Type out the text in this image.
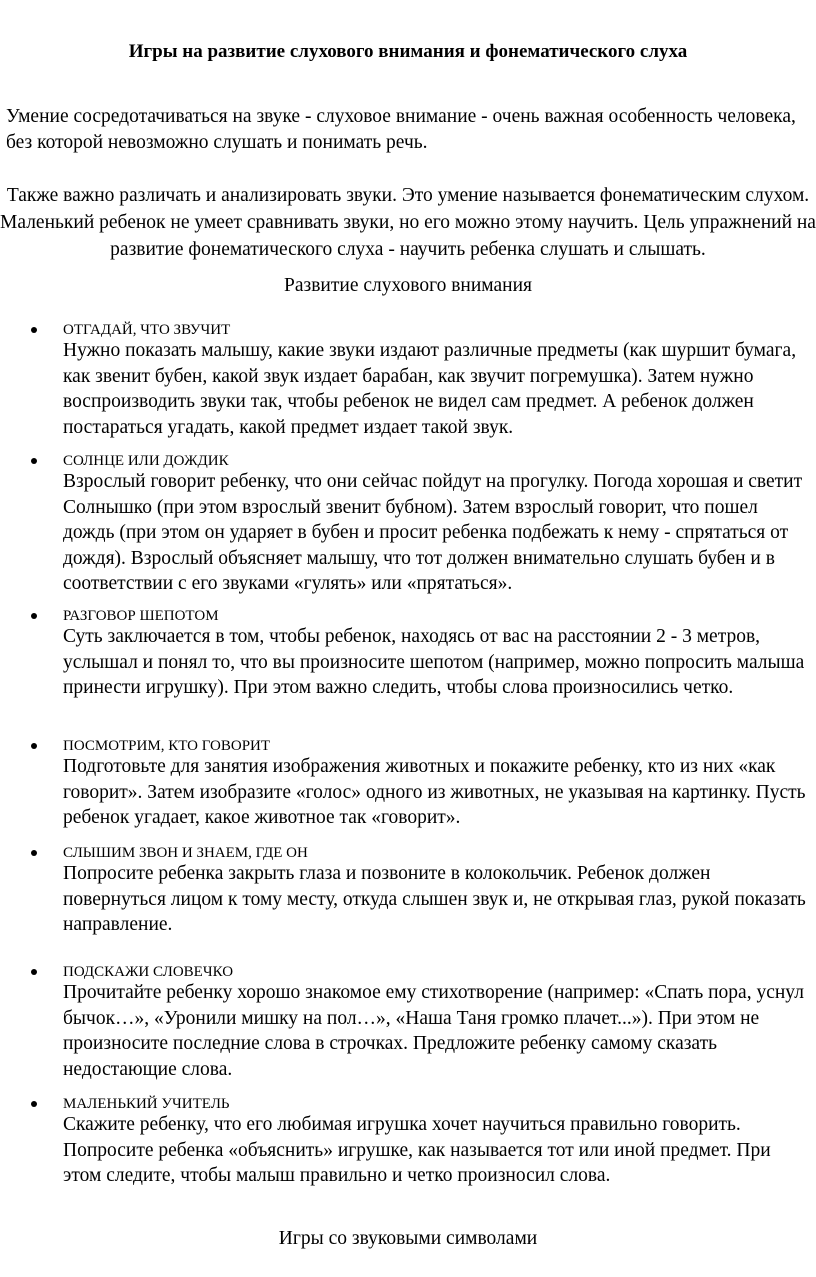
Игры на развитие слухового внимания и фонематического слуха
Умение сосредотачиваться на звуке - слуховое внимание - очень важная особенность человека, без которой невозможно слушать и понимать речь.
Также важно различать и анализировать звуки. Это умение называется фонематическим слухом. Маленький ребенок не умеет сравнивать звуки, но его можно этому научить. Цель упражнений на развитие фонематического слуха - научить ребенка слушать и слышать.
Развитие слухового внимания
ОТГАДАЙ, ЧТО ЗВУЧИТ
Нужно показать малышу, какие звуки издают различные предметы (как шуршит бумага, как звенит бубен, какой звук издает барабан, как звучит погремушка). Затем нужно воспроизводить звуки так, чтобы ребенок не видел сам предмет. А ребенок должен постараться угадать, какой предмет издает такой звук.
СОЛНЦЕ ИЛИ ДОЖДИК
Взрослый говорит ребенку, что они сейчас пойдут на прогулку. Погода хорошая и светит Солнышко (при этом взрослый звенит бубном). Затем взрослый говорит, что пошел дождь (при этом он ударяет в бубен и просит ребенка подбежать к нему - спрятаться от дождя). Взрослый объясняет малышу, что тот должен внимательно слушать бубен и в соответствии с его звуками «гулять» или «прятаться».
РАЗГОВОР ШЕПОТОМ
Суть заключается в том, чтобы ребенок, находясь от вас на расстоянии 2 - 3 метров, услышал и понял то, что вы произносите шепотом (например, можно попросить малыша принести игрушку). При этом важно следить, чтобы слова произносились четко.
ПОСМОТРИМ, КТО ГОВОРИТ
Подготовьте для занятия изображения животных и покажите ребенку, кто из них «как говорит». Затем изобразите «голос» одного из животных, не указывая на картинку. Пусть ребенок угадает, какое животное так «говорит».
СЛЫШИМ ЗВОН И ЗНАЕМ, ГДЕ ОН
Попросите ребенка закрыть глаза и позвоните в колокольчик. Ребенок должен повернуться лицом к тому месту, откуда слышен звук и, не открывая глаз, рукой показать направление.
ПОДСКАЖИ СЛОВЕЧКО
Прочитайте ребенку хорошо знакомое ему стихотворение (например: «Спать пора, уснул бычок…», «Уронили мишку на пол…», «Наша Таня громко плачет...»). При этом не произносите последние слова в строчках. Предложите ребенку самому сказать недостающие слова.
МАЛЕНЬКИЙ УЧИТЕЛЬ
Скажите ребенку, что его любимая игрушка хочет научиться правильно говорить. Попросите ребенка «объяснить» игрушке, как называется тот или иной предмет. При этом следите, чтобы малыш правильно и четко произносил слова.
Игры со звуковыми символами
